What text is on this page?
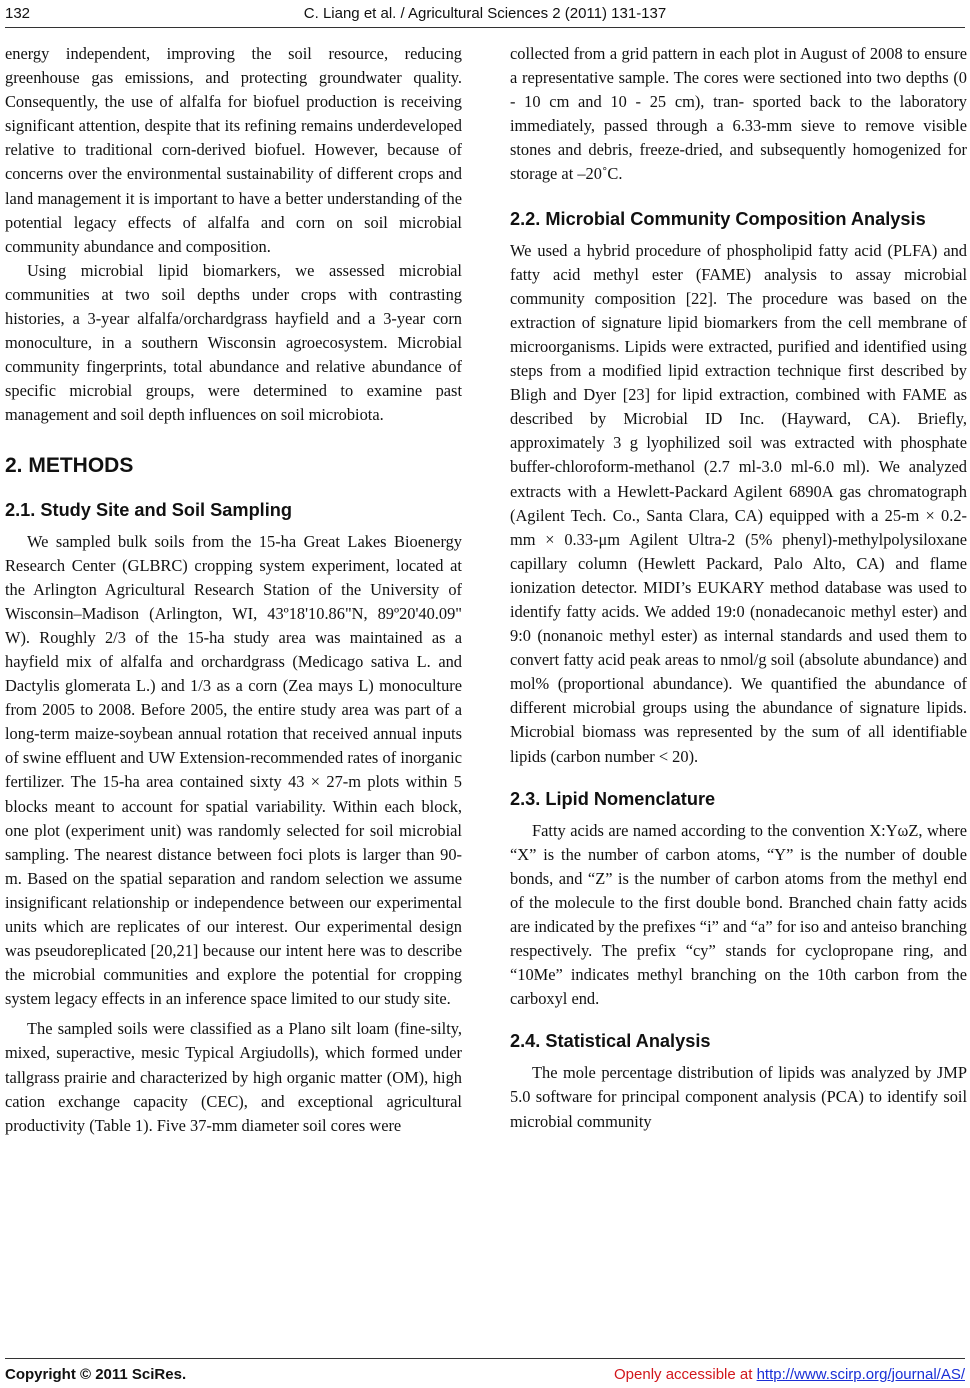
132	C. Liang et al. / Agricultural Sciences 2 (2011) 131-137

energy independent, improving the soil resource, reducing greenhouse gas emissions, and protecting groundwater quality. Consequently, the use of alfalfa for biofuel production is receiving significant attention, despite that its refining remains underdeveloped relative to traditional corn-derived biofuel. However, because of concerns over the environmental sustainability of different crops and land management it is important to have a better understanding of the potential legacy effects of alfalfa and corn on soil microbial community abundance and composition.

Using microbial lipid biomarkers, we assessed microbial communities at two soil depths under crops with contrasting histories, a 3-year alfalfa/orchardgrass hayfield and a 3-year corn monoculture, in a southern Wisconsin agroecosystem. Microbial community fingerprints, total abundance and relative abundance of specific microbial groups, were determined to examine past management and soil depth influences on soil microbiota.

2. METHODS
2.1. Study Site and Soil Sampling

We sampled bulk soils from the 15-ha Great Lakes Bioenergy Research Center (GLBRC) cropping system experiment, located at the Arlington Agricultural Research Station of the University of Wisconsin–Madison (Arlington, WI, 43º18'10.86"N, 89º20'40.09" W). Roughly 2/3 of the 15-ha study area was maintained as a hayfield mix of alfalfa and orchardgrass (Medicago sativa L. and Dactylis glomerata L.) and 1/3 as a corn (Zea mays L) monoculture from 2005 to 2008. Before 2005, the entire study area was part of a long-term maize-soybean annual rotation that received annual inputs of swine effluent and UW Extension-recommended rates of inorganic fertilizer. The 15-ha area contained sixty 43 × 27-m plots within 5 blocks meant to account for spatial variability. Within each block, one plot (experiment unit) was randomly selected for soil microbial sampling. The nearest distance between foci plots is larger than 90-m. Based on the spatial separation and random selection we assume insignificant relationship or independence between our experimental units which are replicates of our interest. Our experimental design was pseudoreplicated [20,21] because our intent here was to describe the microbial communities and explore the potential for cropping system legacy effects in an inference space limited to our study site.

The sampled soils were classified as a Plano silt loam (fine-silty, mixed, superactive, mesic Typical Argiudolls), which formed under tallgrass prairie and characterized by high organic matter (OM), high cation exchange capacity (CEC), and exceptional agricultural productivity (Table 1). Five 37-mm diameter soil cores were

collected from a grid pattern in each plot in August of 2008 to ensure a representative sample. The cores were sectioned into two depths (0 - 10 cm and 10 - 25 cm), tran- sported back to the laboratory immediately, passed through a 6.33-mm sieve to remove visible stones and debris, freeze-dried, and subsequently homogenized for storage at –20˚C.

2.2. Microbial Community Composition Analysis

We used a hybrid procedure of phospholipid fatty acid (PLFA) and fatty acid methyl ester (FAME) analysis to assay microbial community composition [22]. The procedure was based on the extraction of signature lipid biomarkers from the cell membrane of microorganisms. Lipids were extracted, purified and identified using steps from a modified lipid extraction technique first described by Bligh and Dyer [23] for lipid extraction, combined with FAME as described by Microbial ID Inc. (Hayward, CA). Briefly, approximately 3 g lyophilized soil was extracted with phosphate buffer-chloroform-methanol (2.7 ml-3.0 ml-6.0 ml). We analyzed extracts with a Hewlett-Packard Agilent 6890A gas chromatograph (Agilent Tech. Co., Santa Clara, CA) equipped with a 25-m × 0.2-mm × 0.33-μm Agilent Ultra-2 (5% phenyl)-methylpolysiloxane capillary column (Hewlett Packard, Palo Alto, CA) and flame ionization detector. MIDI’s EUKARY method database was used to identify fatty acids. We added 19:0 (nonadecanoic methyl ester) and 9:0 (nonanoic methyl ester) as internal standards and used them to convert fatty acid peak areas to nmol/g soil (absolute abundance) and mol% (proportional abundance). We quantified the abundance of different microbial groups using the abundance of signature lipids. Microbial biomass was represented by the sum of all identifiable lipids (carbon number < 20).

2.3. Lipid Nomenclature

Fatty acids are named according to the convention X:YωZ, where “X” is the number of carbon atoms, “Y” is the number of double bonds, and “Z” is the number of carbon atoms from the methyl end of the molecule to the first double bond. Branched chain fatty acids are indicated by the prefixes “i” and “a” for iso and anteiso branching respectively. The prefix “cy” stands for cyclopropane ring, and “10Me” indicates methyl branching on the 10th carbon from the carboxyl end.

2.4. Statistical Analysis

The mole percentage distribution of lipids was analyzed by JMP 5.0 software for principal component analysis (PCA) to identify soil microbial community

Copyright © 2011 SciRes.	Openly accessible at http://www.scirp.org/journal/AS/
